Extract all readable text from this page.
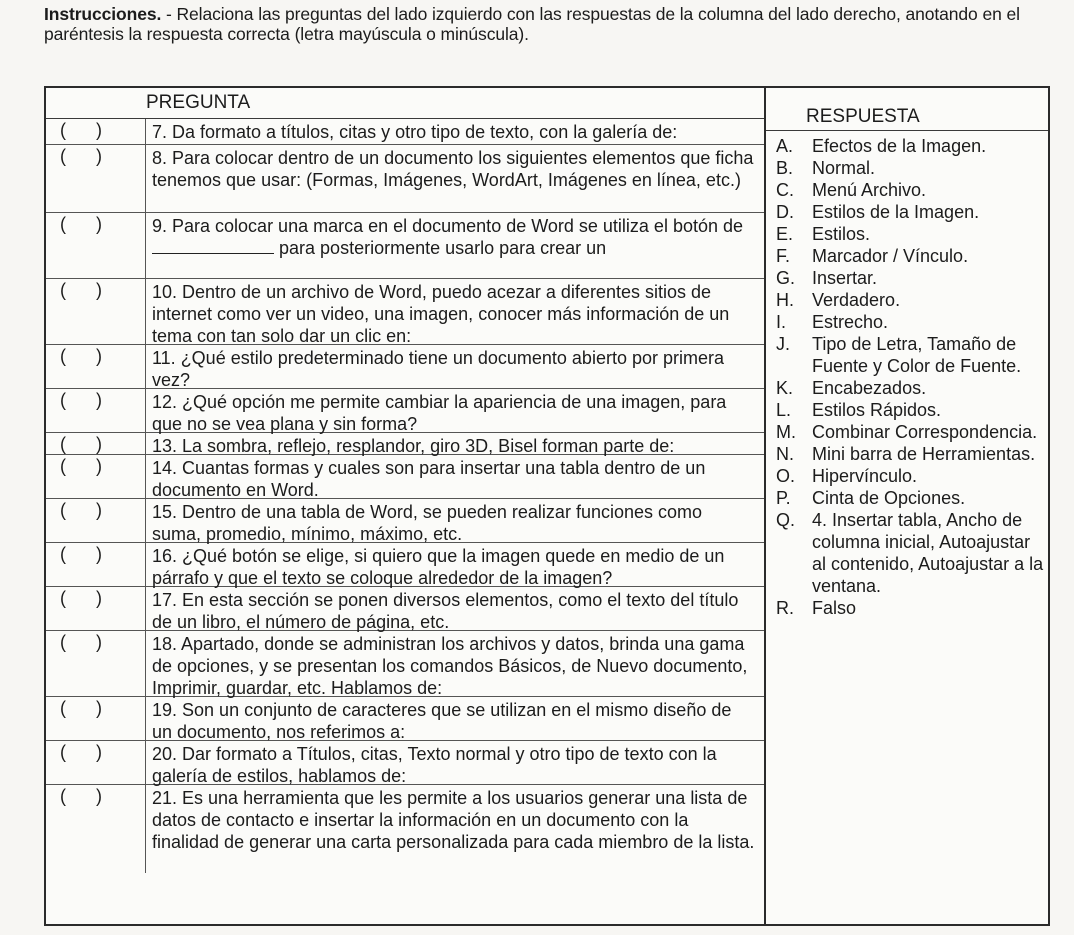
Instrucciones. - Relaciona las preguntas del lado izquierdo con las respuestas de la columna del lado derecho, anotando en el paréntesis la respuesta correcta (letra mayúscula o minúscula).
PREGUNTA
(      )	7. Da formato a títulos, citas y otro tipo de texto, con la galería de:
(      )	8. Para colocar dentro de un documento los siguientes elementos que ficha tenemos que usar: (Formas, Imágenes, WordArt, Imágenes en línea, etc.)
(      )	9. Para colocar una marca en el documento de Word se utiliza el botón de  para posteriormente usarlo para crear un
(      )	10. Dentro de un archivo de Word, puedo acezar a diferentes sitios de internet como ver un video, una imagen, conocer más información de un tema con tan solo dar un clic en:
(      )	11. ¿Qué estilo predeterminado tiene un documento abierto por primera vez?
(      )	12. ¿Qué opción me permite cambiar la apariencia de una imagen, para que no se vea plana y sin forma?
(      )	13. La sombra, reflejo, resplandor, giro 3D, Bisel forman parte de:
(      )	14. Cuantas formas y cuales son para insertar una tabla dentro de un documento en Word.
(      )	15. Dentro de una tabla de Word, se pueden realizar funciones como suma, promedio, mínimo, máximo, etc.
(      )	16. ¿Qué botón se elige, si quiero que la imagen quede en medio de un párrafo y que el texto se coloque alrededor de la imagen?
(      )	17. En esta sección se ponen diversos elementos, como el texto del título de un libro, el número de página, etc.
(      )	18. Apartado, donde se administran los archivos y datos, brinda una gama de opciones, y se presentan los comandos Básicos, de Nuevo documento, Imprimir, guardar, etc. Hablamos de:
(      )	19. Son un conjunto de caracteres que se utilizan en el mismo diseño de un documento, nos referimos a:
(      )	20. Dar formato a Títulos, citas, Texto normal y otro tipo de texto con la galería de estilos, hablamos de:
(      )	21. Es una herramienta que les permite a los usuarios generar una lista de datos de contacto e insertar la información en un documento con la finalidad de generar una carta personalizada para cada miembro de la lista.
RESPUESTA
A.	Efectos de la Imagen.
B.	Normal.
C.	Menú Archivo.
D.	Estilos de la Imagen.
E.	Estilos.
F.	Marcador / Vínculo.
G. Insertar.
H.	Verdadero.
I.	Estrecho.
J.	Tipo de Letra, Tamaño de Fuente y Color de Fuente.
K.	Encabezados.
L.	Estilos Rápidos.
M. Combinar Correspondencia.
N.	Mini barra de Herramientas.
O. Hipervínculo.
P.	Cinta de Opciones.
Q. 4. Insertar tabla, Ancho de columna inicial, Autoajustar al contenido, Autoajustar a la ventana.
R.	Falso
